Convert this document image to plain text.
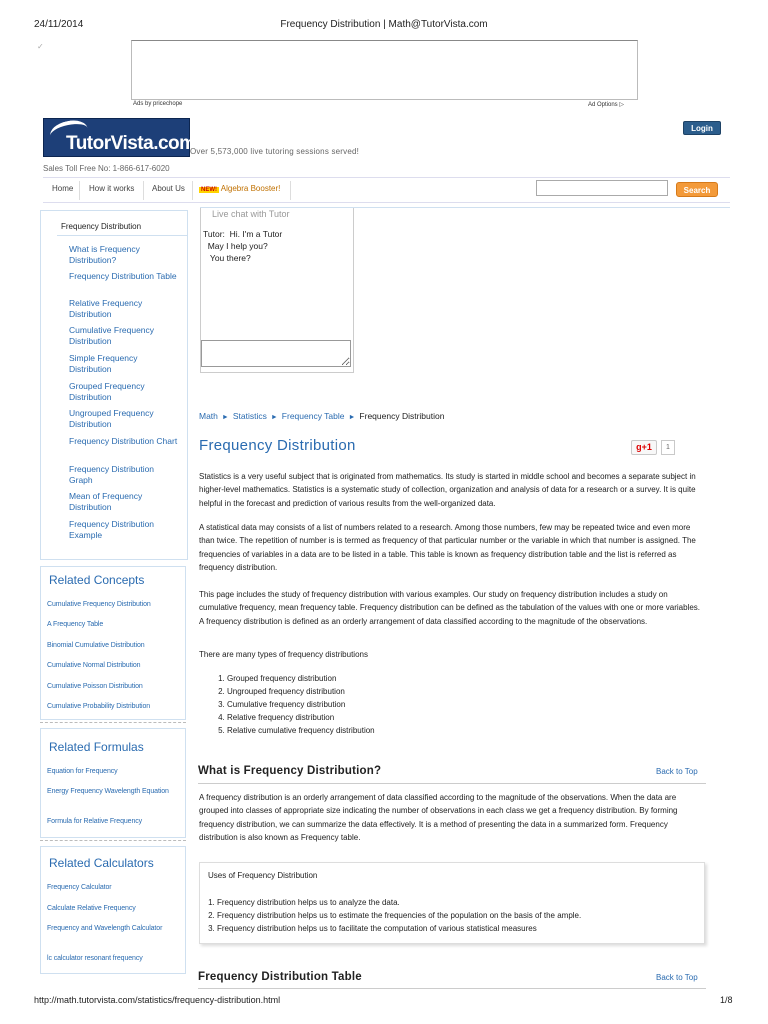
24/11/2014	Frequency Distribution | Math@TutorVista.com
✓
Ads by pricechope	Ad Options ▷
TutorVista.com™
Over 5,573,000 live tutoring sessions served!
Sales Toll Free No: 1-866-617-6020
Login
Home How it works About Us	NEW! Algebra Booster!	Search
Frequency Distribution
What is Frequency Distribution?
Frequency Distribution Table
Relative Frequency Distribution
Cumulative Frequency Distribution
Simple Frequency Distribution
Grouped Frequency Distribution
Ungrouped Frequency Distribution
Frequency Distribution Chart
Frequency Distribution Graph
Mean of Frequency Distribution
Frequency Distribution Example
Related Concepts
Cumulative Frequency Distribution
A Frequency Table
Binomial Cumulative Distribution
Cumulative Normal Distribution
Cumulative Poisson Distribution
Cumulative Probability Distribution
Related Formulas
Equation for Frequency
Energy Frequency Wavelength Equation
Formula for Relative Frequency
Related Calculators
Frequency Calculator
Calculate Relative Frequency
Frequency and Wavelength Calculator
lc calculator resonant frequency
Live chat with Tutor
Tutor:  Hi. I'm a Tutor
May I help you?
You there?
Math ► Statistics ► Frequency Table ► Frequency Distribution
Frequency Distribution	g+1	1

Statistics is a very useful subject that is originated from mathematics. Its study is started in middle school and becomes a separate subject in higher-level mathematics. Statistics is a systematic study of collection, organization and analysis of data for a research or a survey. It is quite helpful in the forecast and prediction of various results from the well-organized data.

A statistical data may consists of a list of numbers related to a research. Among those numbers, few may be repeated twice and even more than twice. The repetition of number is is termed as frequency of that particular number or the variable in which that number is assigned. The frequencies of variables in a data are to be listed in a table. This table is known as frequency distribution table and the list is referred as frequency distribution.

This page includes the study of frequency distribution with various examples. Our study on frequency distribution includes a study on cumulative frequency, mean frequency table. Frequency distribution can be defined as the tabulation of the values with one or more variables. A frequency distribution is defined as an orderly arrangement of data classified according to the magnitude of the observations.

There are many types of frequency distributions
1. Grouped frequency distribution
2. Ungrouped frequency distribution
3. Cumulative frequency distribution
4. Relative frequency distribution
5. Relative cumulative frequency distribution
What is Frequency Distribution?	Back to Top

A frequency distribution is an orderly arrangement of data classified according to the magnitude of the observations. When the data are grouped into classes of appropriate size indicating the number of observations in each class we get a frequency distribution. By forming frequency distribution, we can summarize the data effectively. It is a method of presenting the data in a summarized form. Frequency distribution is also known as Frequency table.

Uses of Frequency Distribution
1. Frequency distribution helps us to analyze the data.
2. Frequency distribution helps us to estimate the frequencies of the population on the basis of the ample.
3. Frequency distribution helps us to facilitate the computation of various statistical measures
Frequency Distribution Table	Back to Top
http://math.tutorvista.com/statistics/frequency-distribution.html	1/8
